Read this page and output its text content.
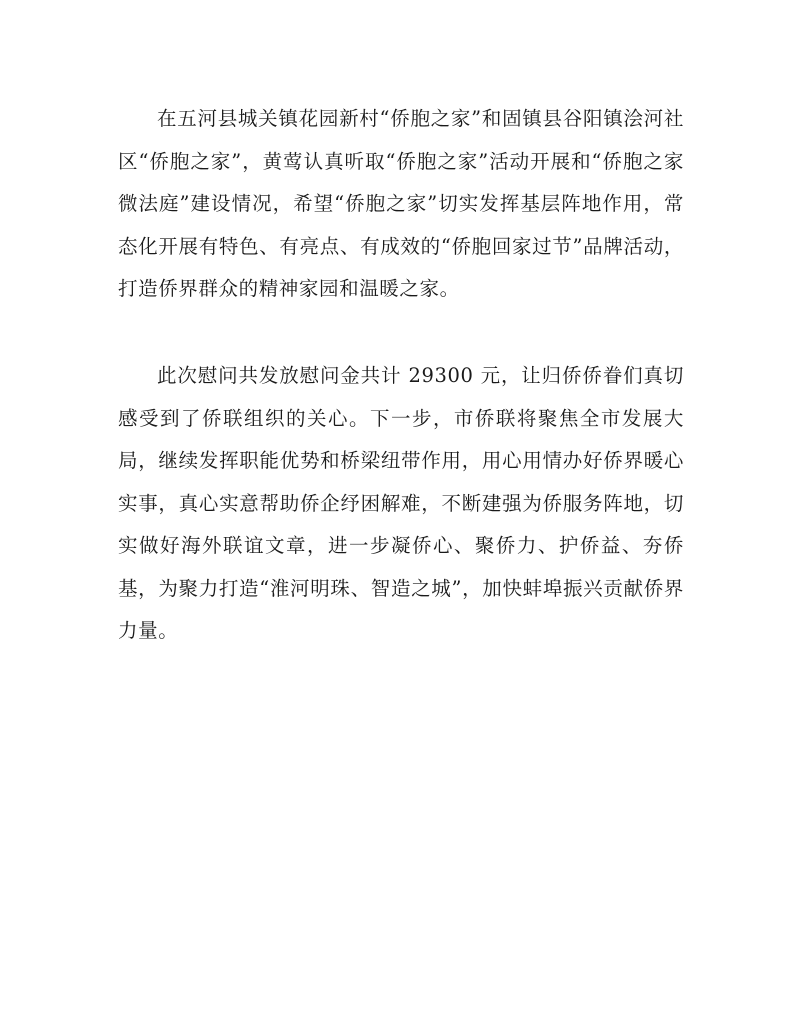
在五河县城关镇花园新村“侨胞之家”和固镇县谷阳镇浍河社区“侨胞之家”，黄莺认真听取“侨胞之家”活动开展和“侨胞之家微法庭”建设情况，希望“侨胞之家”切实发挥基层阵地作用，常态化开展有特色、有亮点、有成效的“侨胞回家过节”品牌活动，打造侨界群众的精神家园和温暖之家。

此次慰问共发放慰问金共计 29300 元，让归侨侨眷们真切感受到了侨联组织的关心。下一步，市侨联将聚焦全市发展大局，继续发挥职能优势和桥梁纽带作用，用心用情办好侨界暖心实事，真心实意帮助侨企纾困解难，不断建强为侨服务阵地，切实做好海外联谊文章，进一步凝侨心、聚侨力、护侨益、夯侨基，为聚力打造“淮河明珠、智造之城”，加快蚌埠振兴贡献侨界力量。
